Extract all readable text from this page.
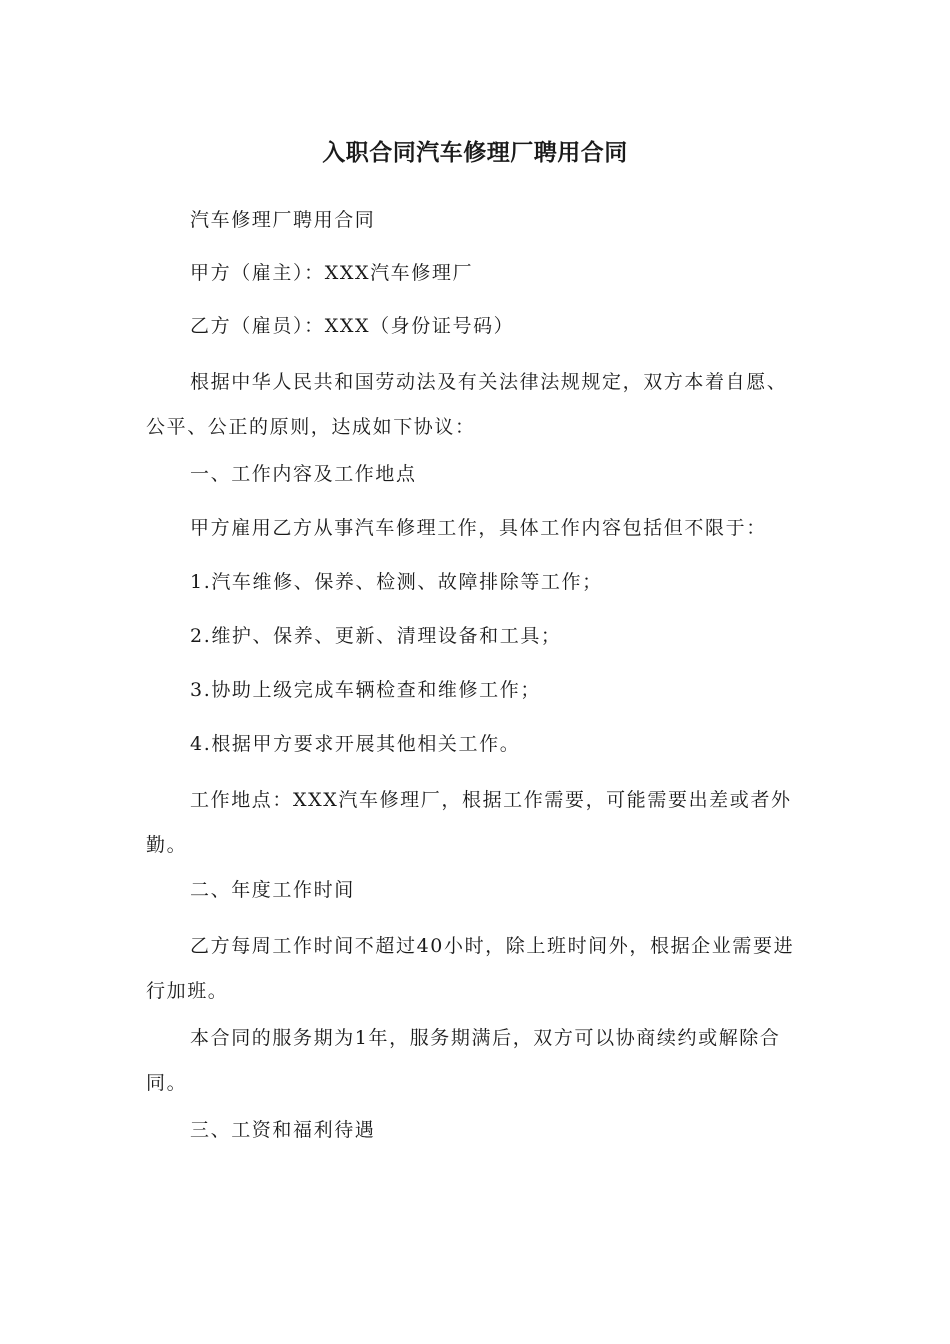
入职合同汽车修理厂聘用合同

汽车修理厂聘用合同

甲方（雇主）：XXX汽车修理厂

乙方（雇员）：XXX（身份证号码）

根据中华人民共和国劳动法及有关法律法规规定，双方本着自愿、公平、公正的原则，达成如下协议：

一、工作内容及工作地点

甲方雇用乙方从事汽车修理工作，具体工作内容包括但不限于：

1.汽车维修、保养、检测、故障排除等工作；

2.维护、保养、更新、清理设备和工具；

3.协助上级完成车辆检查和维修工作；

4.根据甲方要求开展其他相关工作。

工作地点：XXX汽车修理厂，根据工作需要，可能需要出差或者外勤。

二、年度工作时间

乙方每周工作时间不超过40小时，除上班时间外，根据企业需要进行加班。

本合同的服务期为1年，服务期满后，双方可以协商续约或解除合同。

三、工资和福利待遇
